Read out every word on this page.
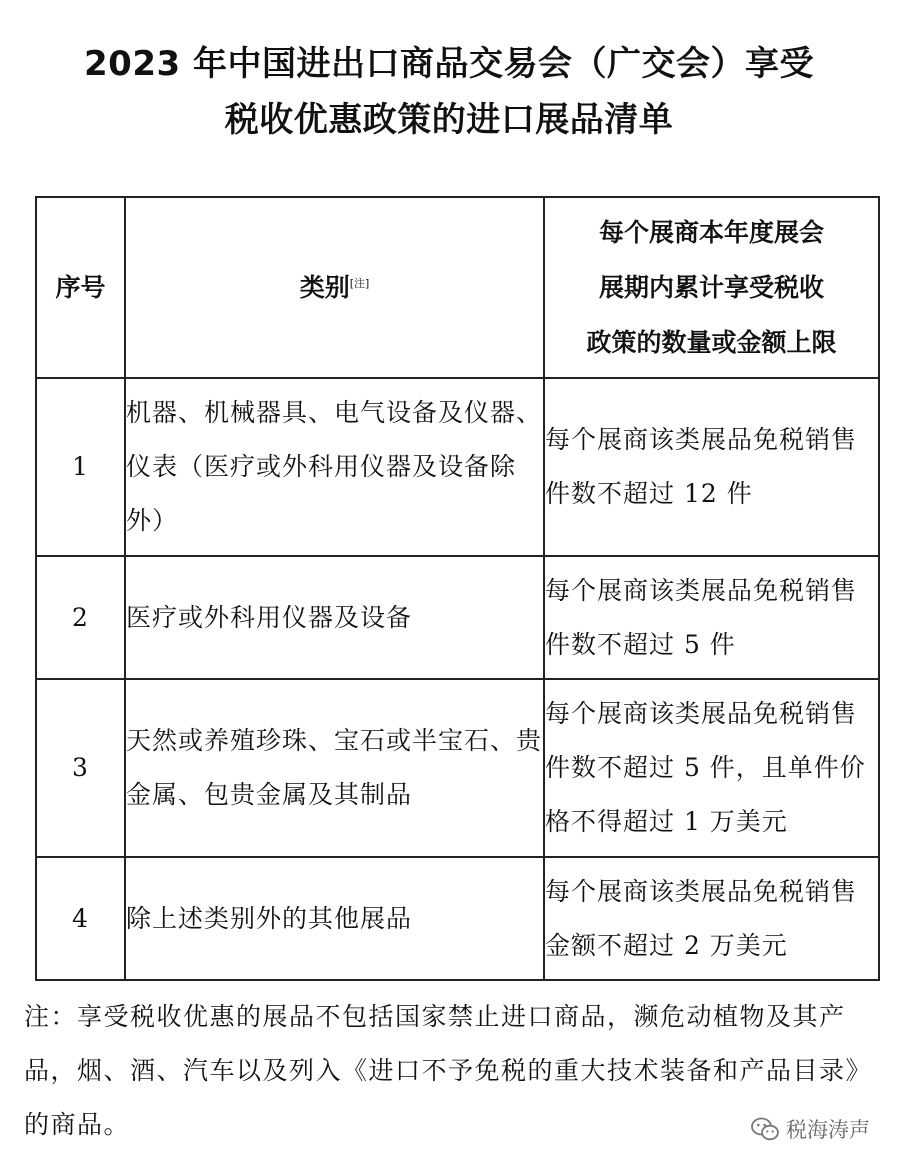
2023 年中国进出口商品交易会（广交会）享受
税收优惠政策的进口展品清单
序号	类别[注]	每个展商本年度展会
展期内累计享受税收
政策的数量或金额上限

1	机器、机械器具、电气设备及仪器、仪表（医疗或外科用仪器及设备除外）	每个展商该类展品免税销售件数不超过 12 件
2	医疗或外科用仪器及设备	每个展商该类展品免税销售件数不超过 5 件
3	天然或养殖珍珠、宝石或半宝石、贵金属、包贵金属及其制品	每个展商该类展品免税销售件数不超过 5 件，且单件价格不得超过 1 万美元
4	除上述类别外的其他展品	每个展商该类展品免税销售金额不超过 2 万美元
注：享受税收优惠的展品不包括国家禁止进口商品，濒危动植物及其产品，烟、酒、汽车以及列入《进口不予免税的重大技术装备和产品目录》的商品。	税海涛声
